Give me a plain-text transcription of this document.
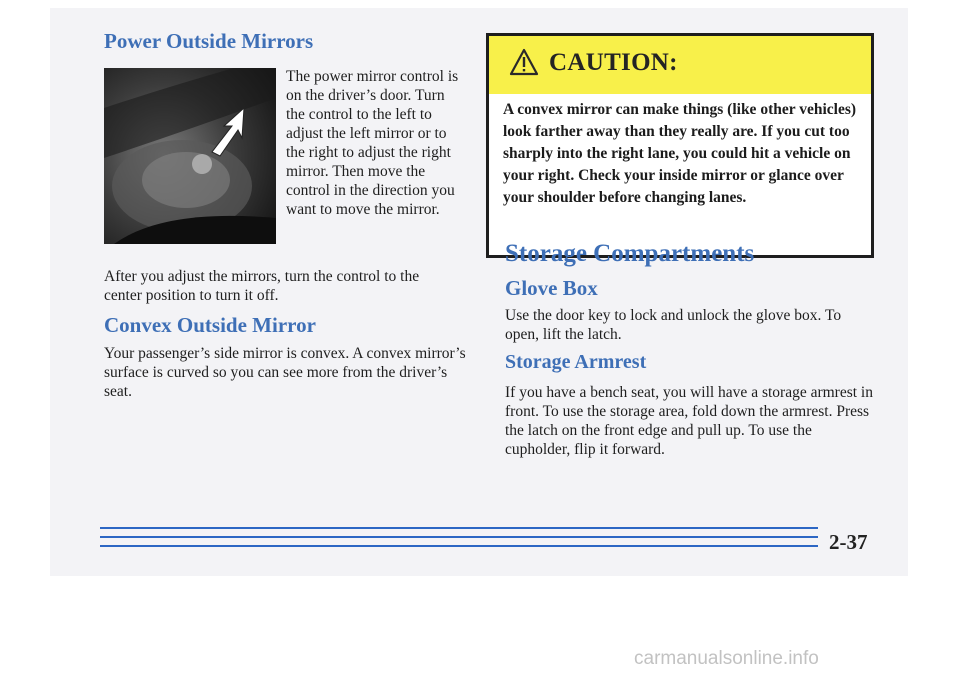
Power Outside Mirrors

The power mirror control is on the driver’s door. Turn the control to the left to adjust the left mirror or to the right to adjust the right mirror. Then move the control in the direction you want to move the mirror.

After you adjust the mirrors, turn the control to the center position to turn it off.

Convex Outside Mirror

Your passenger’s side mirror is convex. A convex mirror’s surface is curved so you can see more from the driver’s seat.

CAUTION:

A convex mirror can make things (like other vehicles) look farther away than they really are. If you cut too sharply into the right lane, you could hit a vehicle on your right. Check your inside mirror or glance over your shoulder before changing lanes.

Storage Compartments
Glove Box

Use the door key to lock and unlock the glove box. To open, lift the latch.

Storage Armrest

If you have a bench seat, you will have a storage armrest in front. To use the storage area, fold down the armrest. Press the latch on the front edge and pull up. To use the cupholder, flip it forward.

2-37

carmanualsonline.info
